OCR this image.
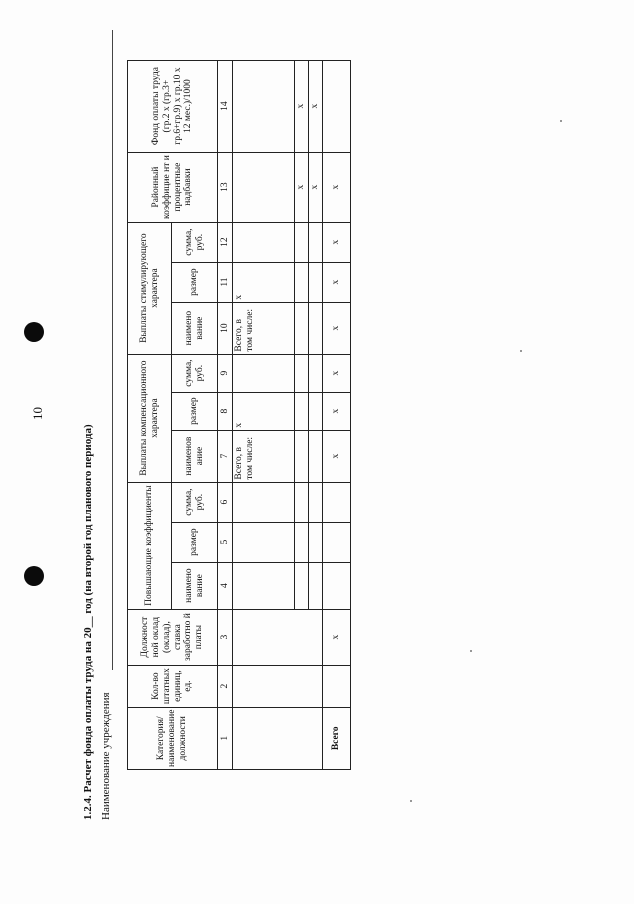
10
1.2.4. Расчет фонда оплаты труда на 20__ год (на второй год планового периода) Наименование учреждения	Категория/ наименование должности	Кол-во штатных единиц, ед.	Должност ной оклад (оклад), ставка заработно й платы	Повышающие коэффициенты			Выплаты компенсационного характера			Выплаты стимулирующего характера			Районный коэффицие нт и процентные надбавки	Фонд оплаты труда (гр.2 х (гр.3+ гр.6+гр.9) х гр.10 х 12 мес.)/1000
			наимено вание	размер	сумма, руб.	наименов ание	размер	сумма, руб.	наимено вание	размер	сумма, руб.		
1	2	3	4	5	6	7	8	9	10	11	12	13	14
						Всего, в том числе:	х		Всего, в том числе:	х			
												х	х
												х	х
Всего		х				х	х	х	х	х	х	х	
